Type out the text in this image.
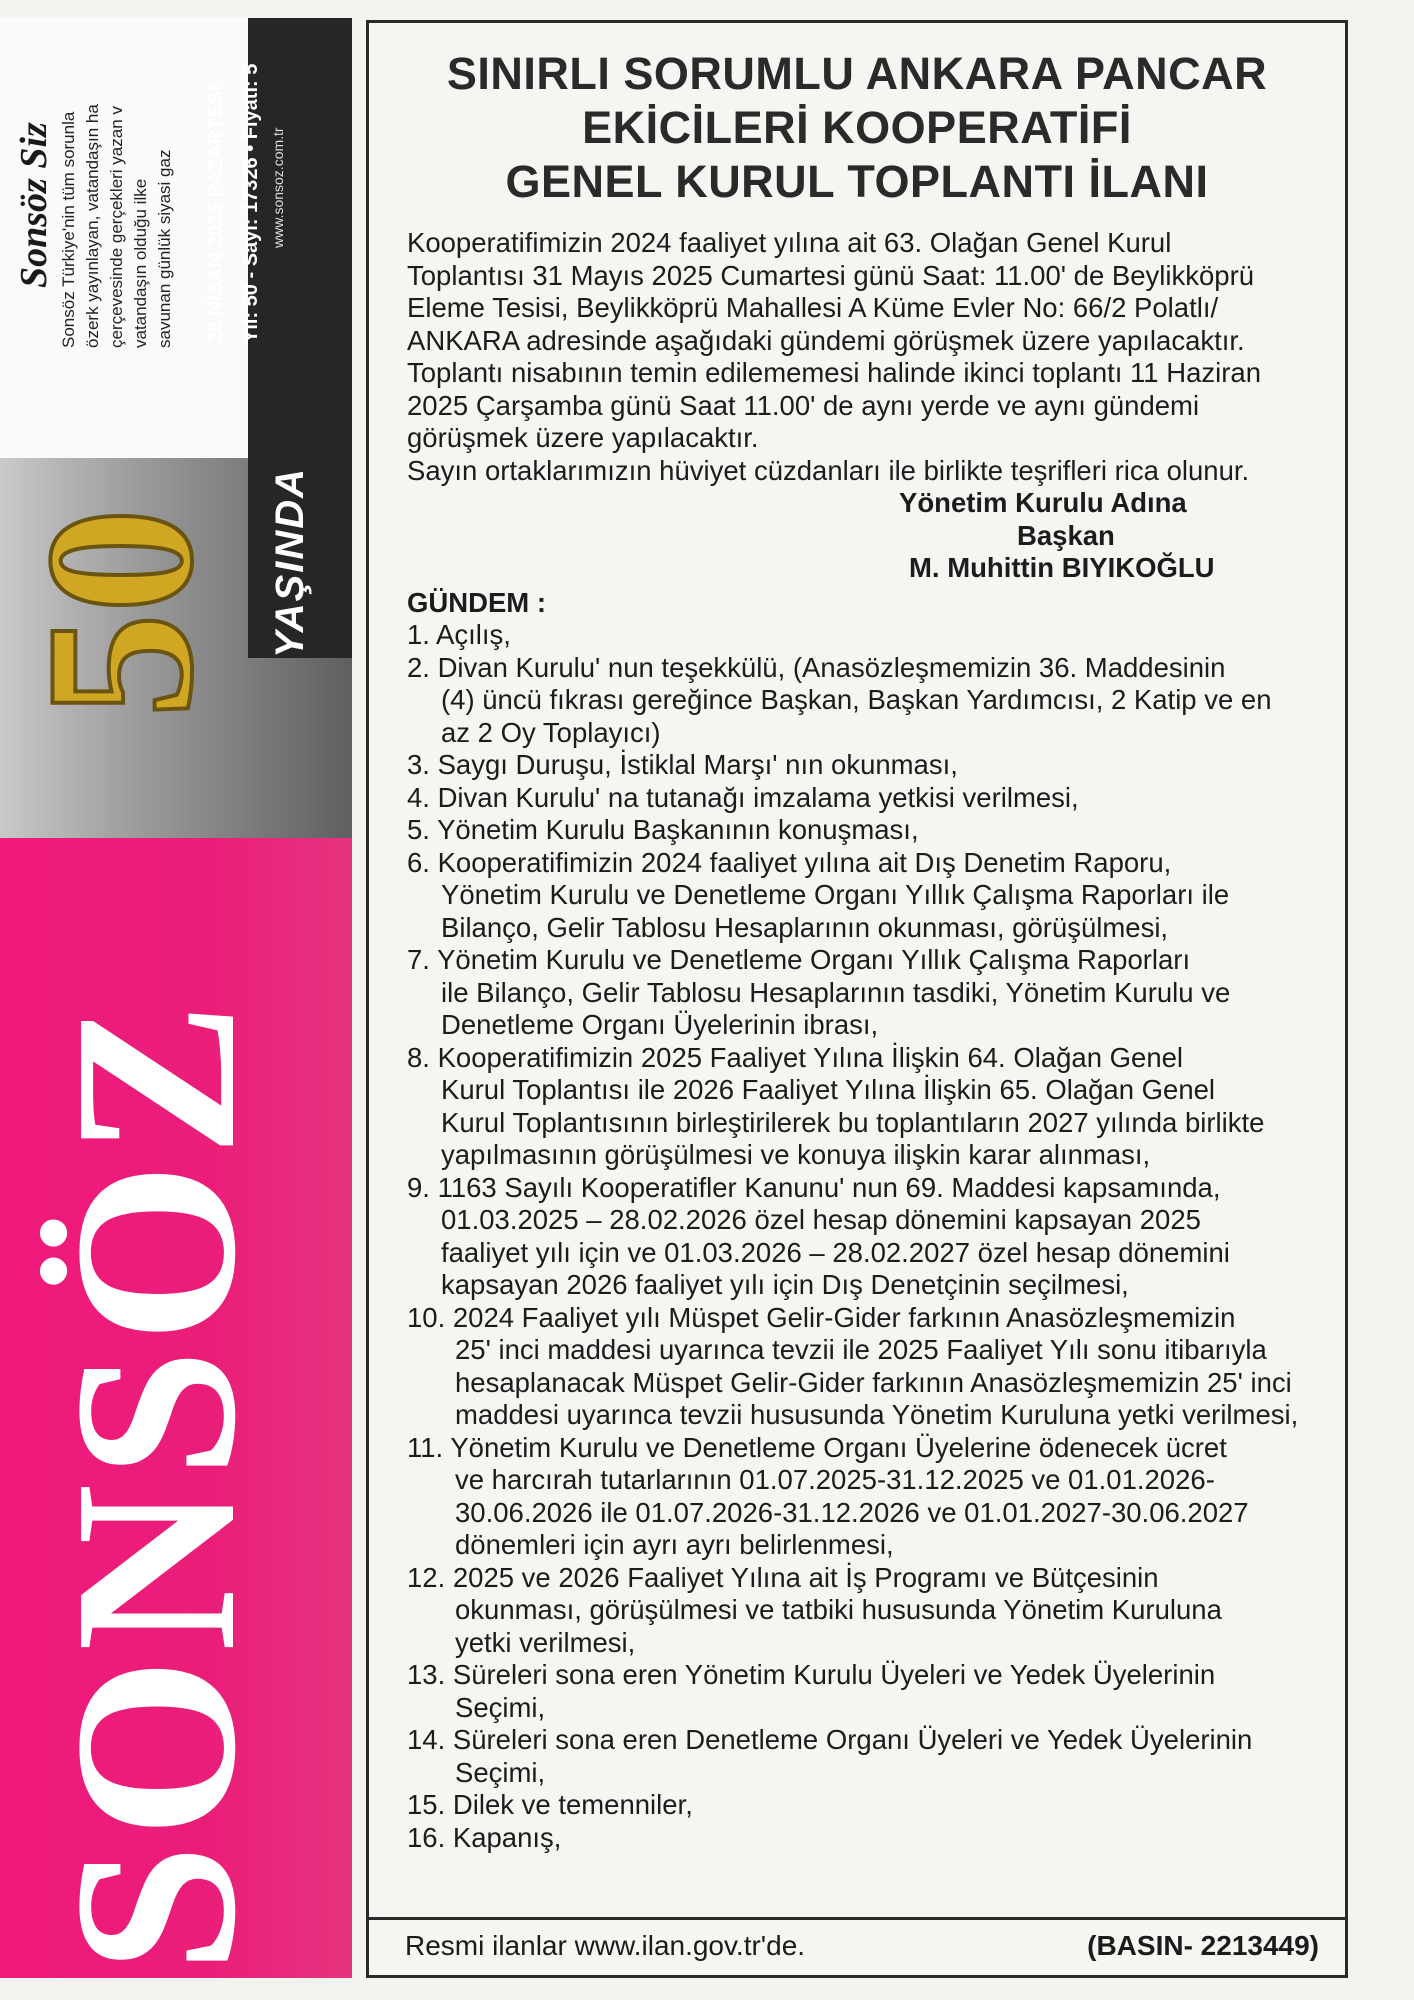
Sonsöz Siz Sonsöz Türkiye'nin tüm sorunla özerk yayınlayan, vatandaşın ha çerçevesinde gerçekleri yazan v vatandaşın olduğu ilke savunan günlük siyasi gaz 28 NİSAN 2025 PAZARTESİ Yıl: 50 - Sayı: 17326 • Fiyatı: 5 www.sonsoz.com.tr
50 YAŞINDA
SONSÖZ
SINIRLI SORUMLU ANKARA PANCAR
EKİCİLERİ KOOPERATİFİ
GENEL KURUL TOPLANTI İLANI
Kooperatifimizin 2024 faaliyet yılına ait 63. Olağan Genel Kurul
Toplantısı 31 Mayıs 2025 Cumartesi günü Saat: 11.00' de Beylikköprü
Eleme Tesisi, Beylikköprü Mahallesi A Küme Evler No: 66/2 Polatlı/
ANKARA adresinde aşağıdaki gündemi görüşmek üzere yapılacaktır.
Toplantı nisabının temin edilememesi halinde ikinci toplantı 11 Haziran
2025 Çarşamba günü Saat 11.00' de aynı yerde ve aynı gündemi
görüşmek üzere yapılacaktır.
Sayın ortaklarımızın hüviyet cüzdanları ile birlikte teşrifleri rica olunur.
Yönetim Kurulu Adına
Başkan
M. Muhittin BIYIKOĞLU
GÜNDEM :
1. Açılış,
2. Divan Kurulu' nun teşekkülü, (Anasözleşmemizin 36. Maddesinin
(4) üncü fıkrası gereğince Başkan, Başkan Yardımcısı, 2 Katip ve en
az 2 Oy Toplayıcı)
3. Saygı Duruşu, İstiklal Marşı' nın okunması,
4. Divan Kurulu' na tutanağı imzalama yetkisi verilmesi,
5. Yönetim Kurulu Başkanının konuşması,
6. Kooperatifimizin 2024 faaliyet yılına ait Dış Denetim Raporu,
Yönetim Kurulu ve Denetleme Organı Yıllık Çalışma Raporları ile
Bilanço, Gelir Tablosu Hesaplarının okunması, görüşülmesi,
7. Yönetim Kurulu ve Denetleme Organı Yıllık Çalışma Raporları
ile Bilanço, Gelir Tablosu Hesaplarının tasdiki, Yönetim Kurulu ve
Denetleme Organı Üyelerinin ibrası,
8. Kooperatifimizin 2025 Faaliyet Yılına İlişkin 64. Olağan Genel
Kurul Toplantısı ile 2026 Faaliyet Yılına İlişkin 65. Olağan Genel
Kurul Toplantısının birleştirilerek bu toplantıların 2027 yılında birlikte
yapılmasının görüşülmesi ve konuya ilişkin karar alınması,
9. 1163 Sayılı Kooperatifler Kanunu' nun 69. Maddesi kapsamında,
01.03.2025 – 28.02.2026 özel hesap dönemini kapsayan 2025
faaliyet yılı için ve 01.03.2026 – 28.02.2027 özel hesap dönemini
kapsayan 2026 faaliyet yılı için Dış Denetçinin seçilmesi,
10. 2024 Faaliyet yılı Müspet Gelir-Gider farkının Anasözleşmemizin
25' inci maddesi uyarınca tevzii ile 2025 Faaliyet Yılı sonu itibarıyla
hesaplanacak Müspet Gelir-Gider farkının Anasözleşmemizin 25' inci
maddesi uyarınca tevzii hususunda Yönetim Kuruluna yetki verilmesi,
11. Yönetim Kurulu ve Denetleme Organı Üyelerine ödenecek ücret
ve harcırah tutarlarının 01.07.2025-31.12.2025 ve 01.01.2026-
30.06.2026 ile 01.07.2026-31.12.2026 ve 01.01.2027-30.06.2027
dönemleri için ayrı ayrı belirlenmesi,
12. 2025 ve 2026 Faaliyet Yılına ait İş Programı ve Bütçesinin
okunması, görüşülmesi ve tatbiki hususunda Yönetim Kuruluna
yetki verilmesi,
13. Süreleri sona eren Yönetim Kurulu Üyeleri ve Yedek Üyelerinin
Seçimi,
14. Süreleri sona eren Denetleme Organı Üyeleri ve Yedek Üyelerinin
Seçimi,
15. Dilek ve temenniler,
16. Kapanış,
Resmi ilanlar www.ilan.gov.tr'de.	(BASIN- 2213449)
